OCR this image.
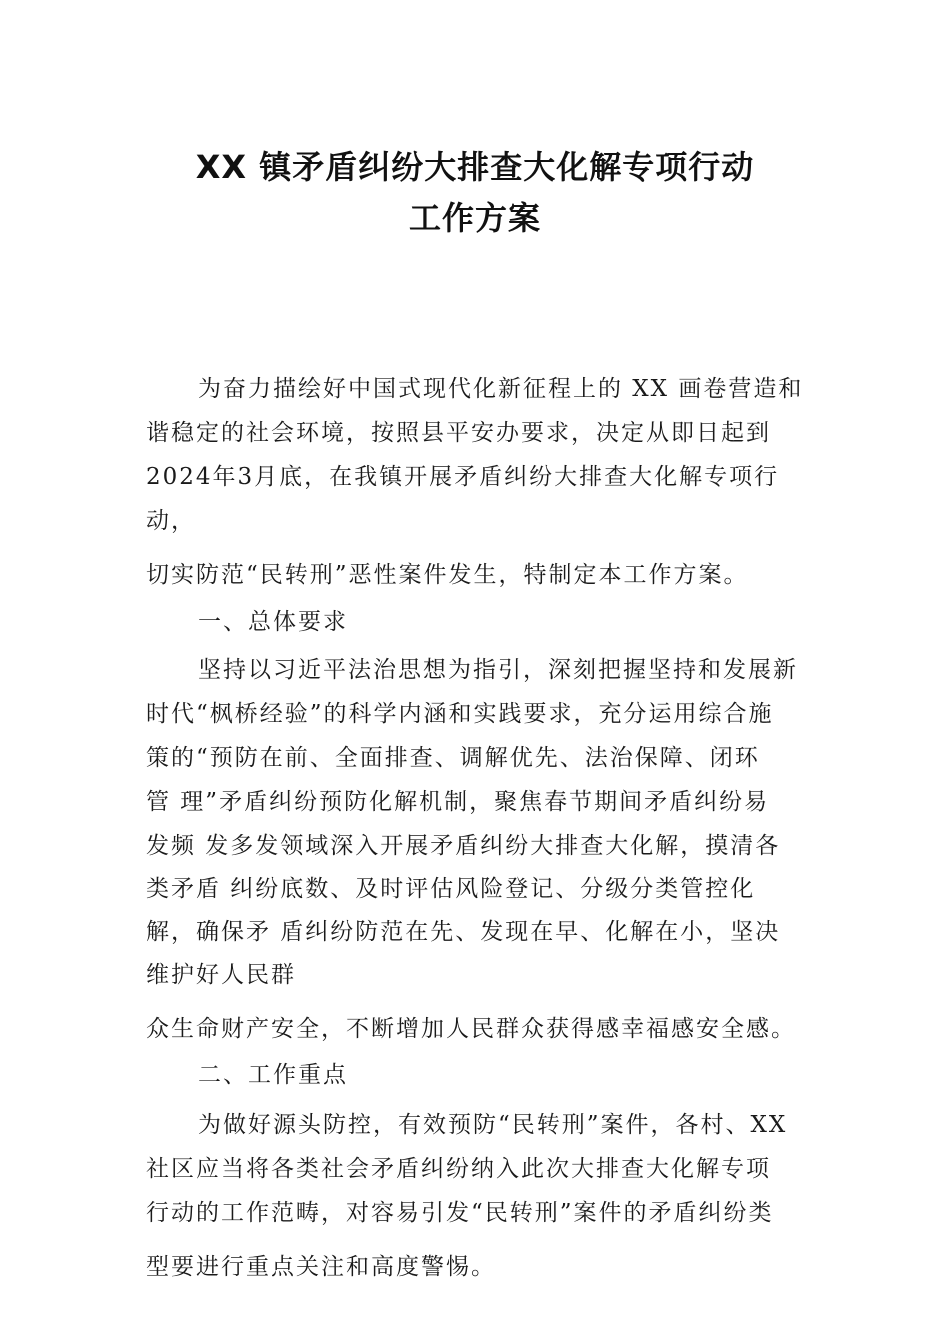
XX 镇矛盾纠纷大排查大化解专项行动
工作方案
为奋力描绘好中国式现代化新征程上的 XX 画卷营造和
谐稳定的社会环境，按照县平安办要求，决定从即日起到
2024年3月底，在我镇开展矛盾纠纷大排查大化解专项行
动，
切实防范“民转刑”恶性案件发生，特制定本工作方案。
一、总体要求
坚持以习近平法治思想为指引，深刻把握坚持和发展新
时代“枫桥经验”的科学内涵和实践要求，充分运用综合施
策的“预防在前、全面排查、调解优先、法治保障、闭环
管 理”矛盾纠纷预防化解机制，聚焦春节期间矛盾纠纷易
发频 发多发领域深入开展矛盾纠纷大排查大化解，摸清各
类矛盾 纠纷底数、及时评估风险登记、分级分类管控化
解，确保矛 盾纠纷防范在先、发现在早、化解在小，坚决
维护好人民群
众生命财产安全，不断增加人民群众获得感幸福感安全感。
二、工作重点
为做好源头防控，有效预防“民转刑”案件，各村、XX
社区应当将各类社会矛盾纠纷纳入此次大排查大化解专项
行动的工作范畴，对容易引发“民转刑”案件的矛盾纠纷类
型要进行重点关注和高度警惕。
